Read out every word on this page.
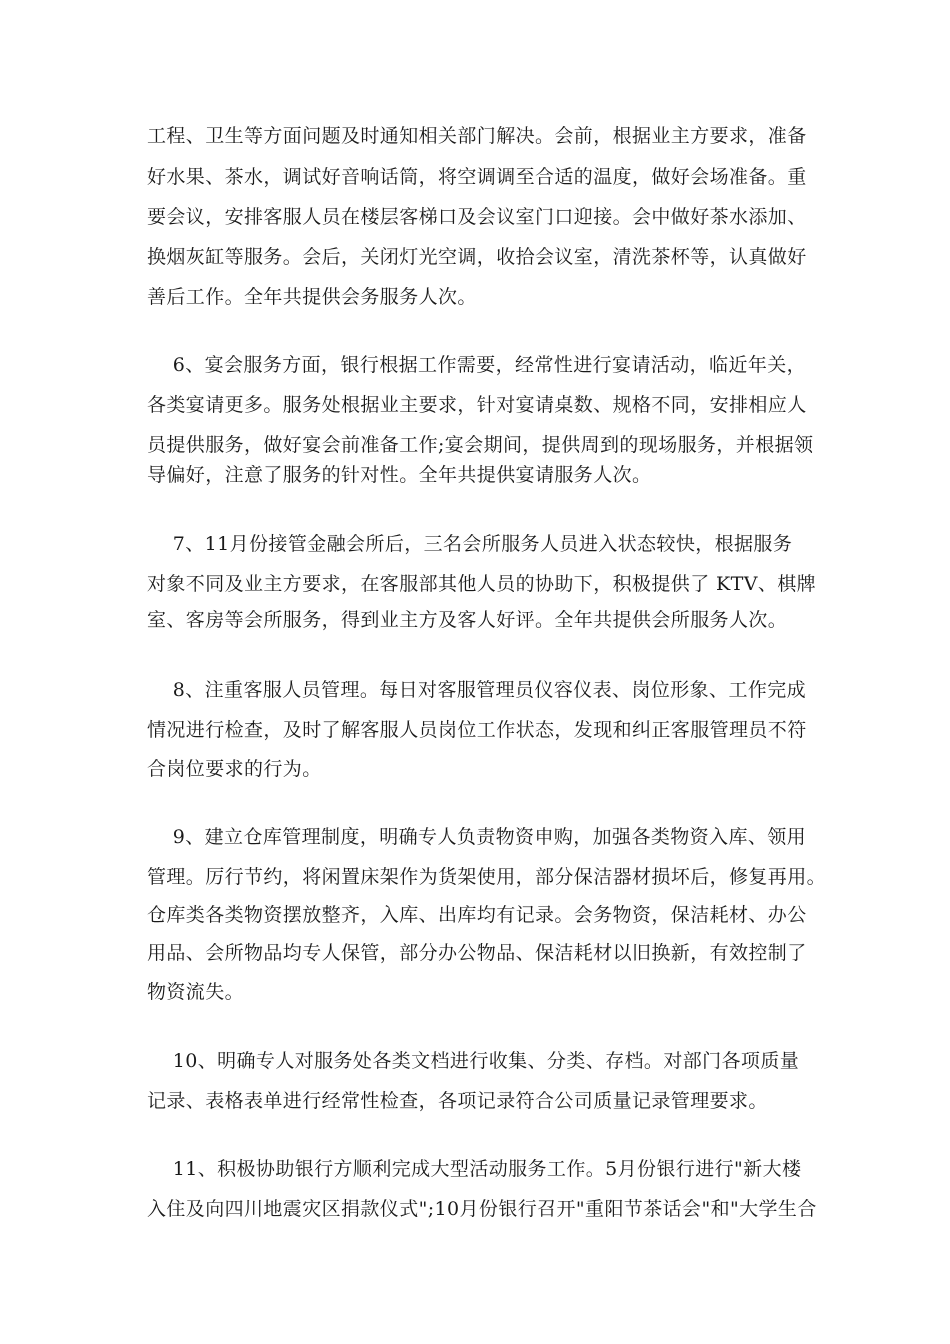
工程、卫生等方面问题及时通知相关部门解决。会前，根据业主方要求，准备
好水果、茶水，调试好音响话筒，将空调调至合适的温度，做好会场准备。重
要会议，安排客服人员在楼层客梯口及会议室门口迎接。会中做好茶水添加、
换烟灰缸等服务。会后，关闭灯光空调，收拾会议室，清洗茶杯等，认真做好
善后工作。全年共提供会务服务人次。
6、宴会服务方面，银行根据工作需要，经常性进行宴请活动，临近年关，
各类宴请更多。服务处根据业主要求，针对宴请桌数、规格不同，安排相应人
员提供服务，做好宴会前准备工作;宴会期间，提供周到的现场服务，并根据领
导偏好，注意了服务的针对性。全年共提供宴请服务人次。
7、11月份接管金融会所后，三名会所服务人员进入状态较快，根据服务
对象不同及业主方要求，在客服部其他人员的协助下，积极提供了 KTV、棋牌
室、客房等会所服务，得到业主方及客人好评。全年共提供会所服务人次。
8、注重客服人员管理。每日对客服管理员仪容仪表、岗位形象、工作完成
情况进行检查，及时了解客服人员岗位工作状态，发现和纠正客服管理员不符
合岗位要求的行为。
9、建立仓库管理制度，明确专人负责物资申购，加强各类物资入库、领用
管理。厉行节约，将闲置床架作为货架使用，部分保洁器材损坏后，修复再用。
仓库类各类物资摆放整齐，入库、出库均有记录。会务物资，保洁耗材、办公
用品、会所物品均专人保管，部分办公物品、保洁耗材以旧换新，有效控制了
物资流失。
10、明确专人对服务处各类文档进行收集、分类、存档。对部门各项质量
记录、表格表单进行经常性检查，各项记录符合公司质量记录管理要求。
11、积极协助银行方顺利完成大型活动服务工作。5月份银行进行"新大楼
入住及向四川地震灾区捐款仪式";10月份银行召开"重阳节茶话会"和"大学生合
